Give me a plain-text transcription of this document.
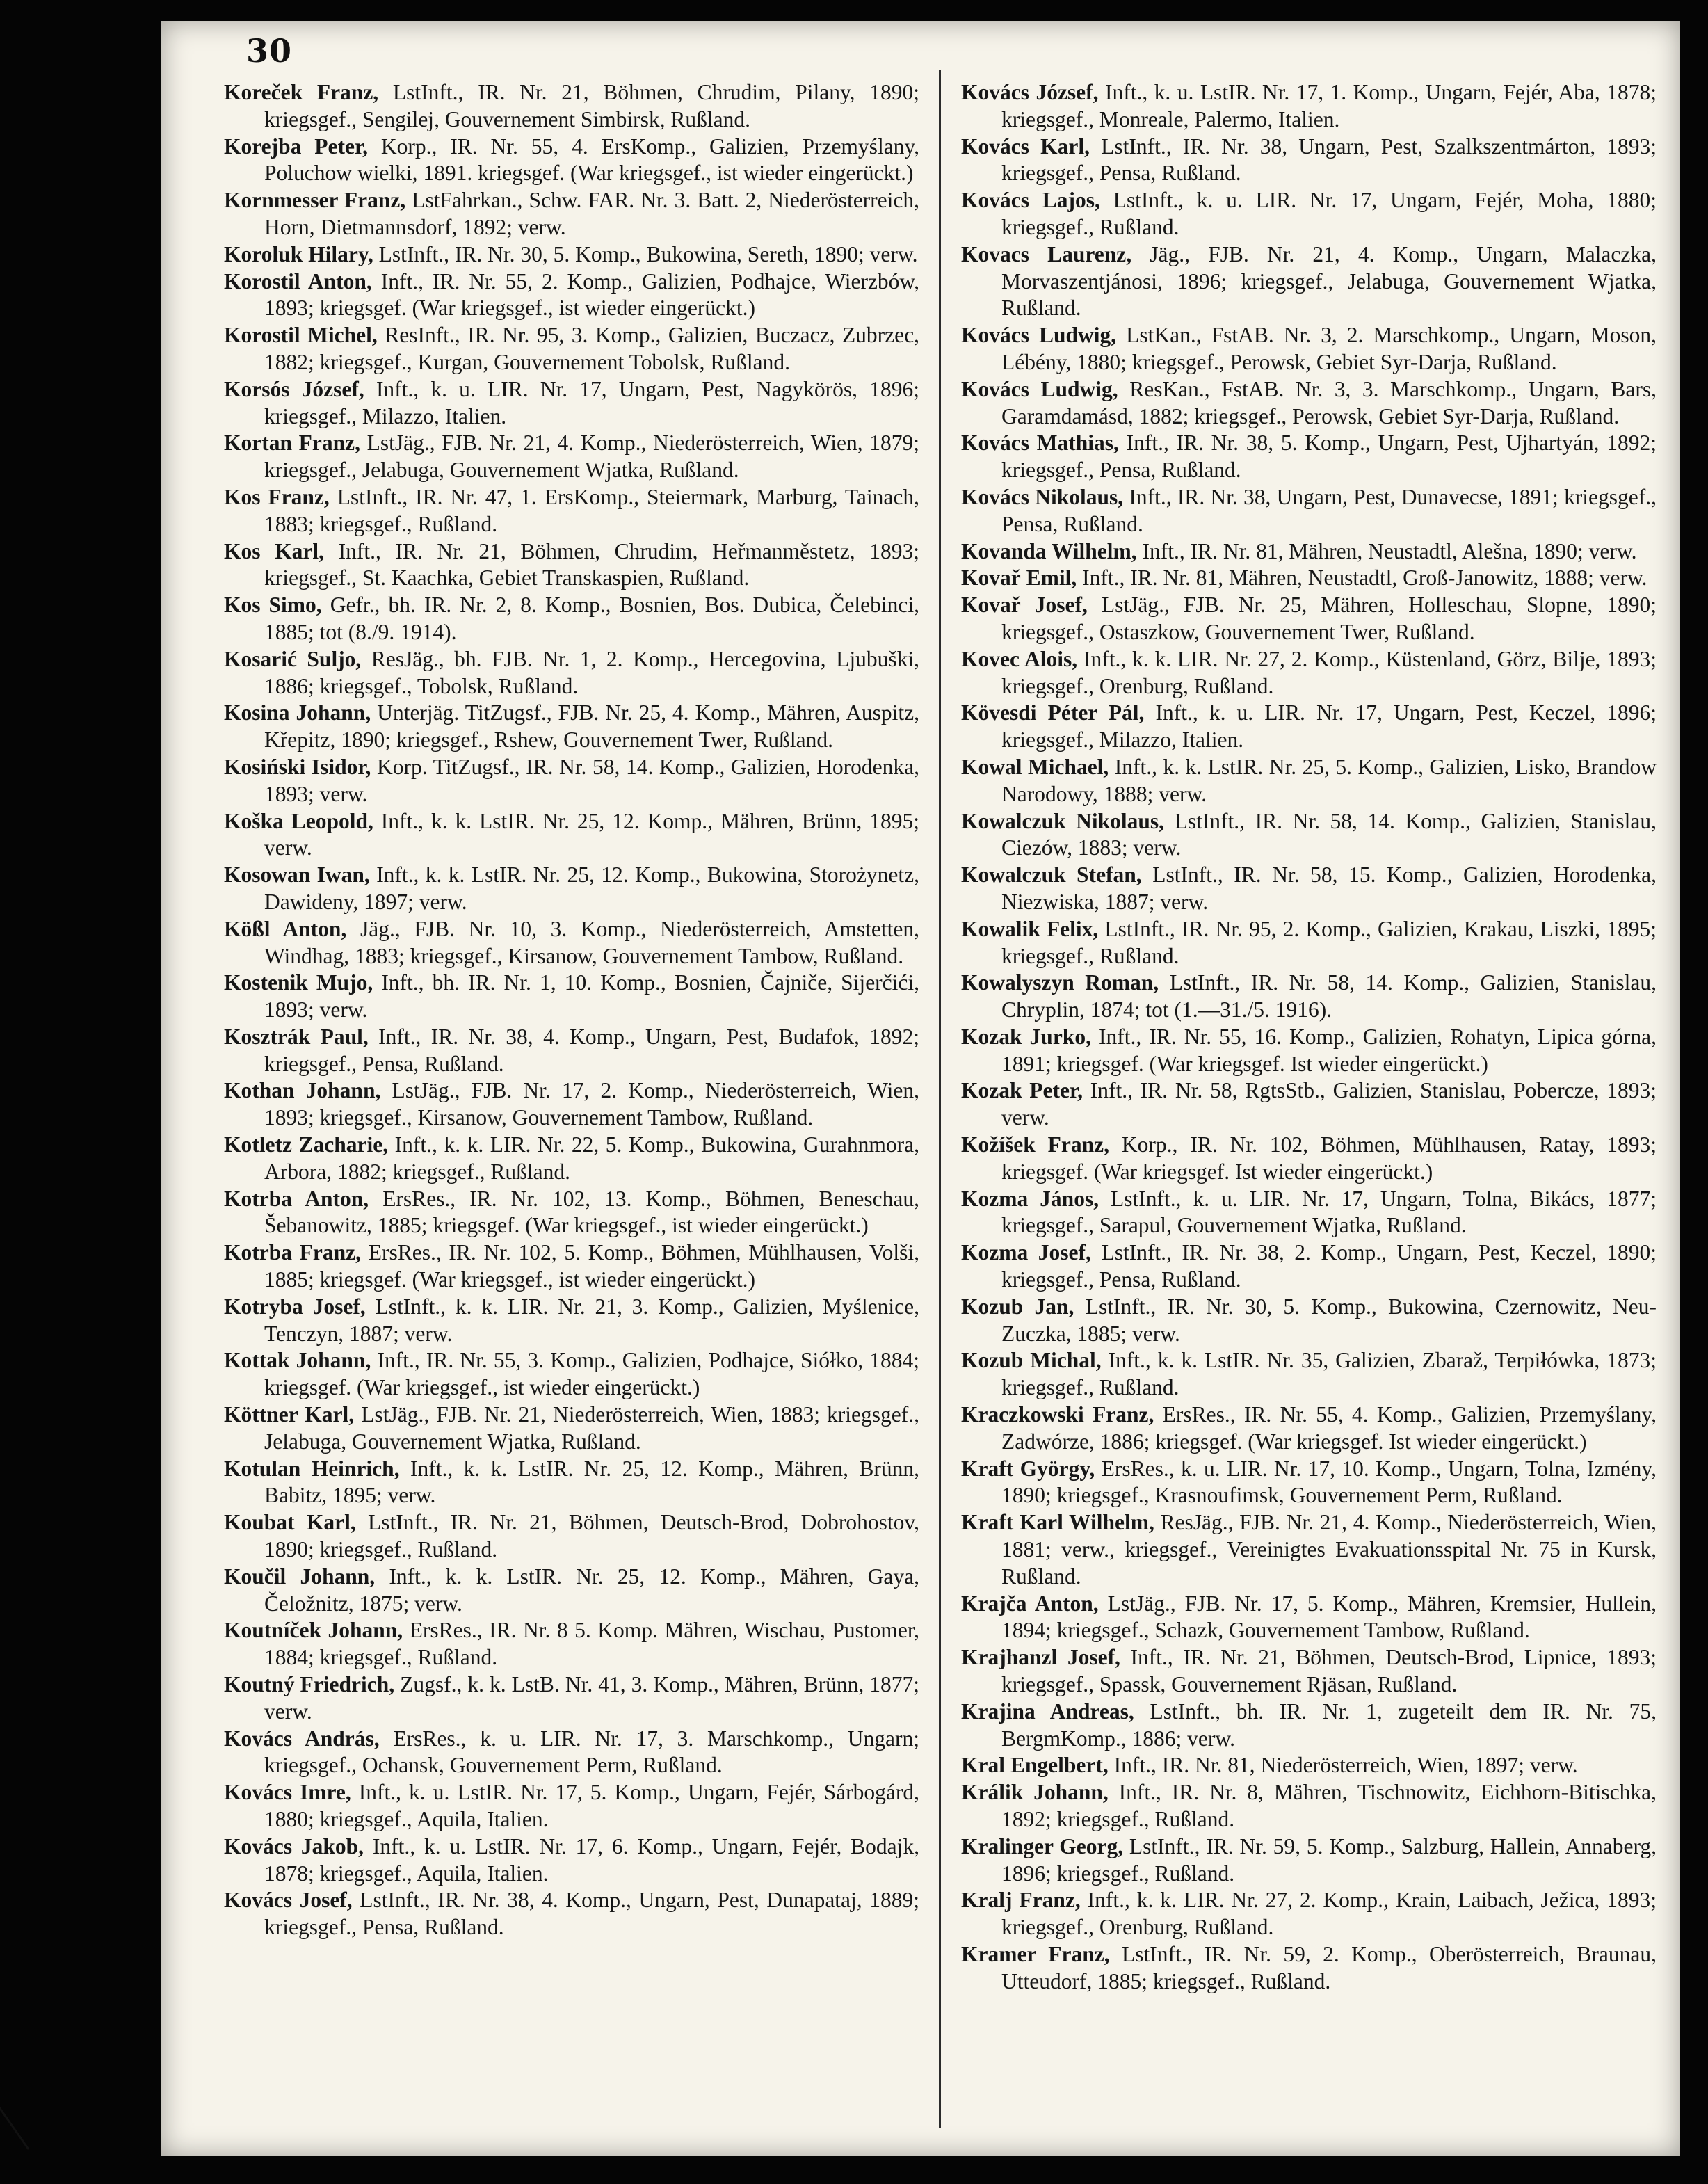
30

Koreček Franz, LstInft., IR. Nr. 21, Böhmen, Chrudim, Pilany, 1890; kriegsgef., Sengilej, Gouvernement Simbirsk, Rußland.

Korejba Peter, Korp., IR. Nr. 55, 4. ErsKomp., Galizien, Przemyślany, Poluchow wielki, 1891. kriegsgef. (War kriegsgef., ist wieder eingerückt.)

Kornmesser Franz, LstFahrkan., Schw. FAR. Nr. 3. Batt. 2, Niederösterreich, Horn, Dietmannsdorf, 1892; verw.

Koroluk Hilary, LstInft., IR. Nr. 30, 5. Komp., Bukowina, Sereth, 1890; verw.

Korostil Anton, Inft., IR. Nr. 55, 2. Komp., Galizien, Podhajce, Wierzbów, 1893; kriegsgef. (War kriegsgef., ist wieder eingerückt.)

Korostil Michel, ResInft., IR. Nr. 95, 3. Komp., Galizien, Buczacz, Zubrzec, 1882; kriegsgef., Kurgan, Gouvernement Tobolsk, Rußland.

Korsós József, Inft., k. u. LIR. Nr. 17, Ungarn, Pest, Nagykörös, 1896; kriegsgef., Milazzo, Italien.

Kortan Franz, LstJäg., FJB. Nr. 21, 4. Komp., Niederösterreich, Wien, 1879; kriegsgef., Jelabuga, Gouvernement Wjatka, Rußland.

Kos Franz, LstInft., IR. Nr. 47, 1. ErsKomp., Steiermark, Marburg, Tainach, 1883; kriegsgef., Rußland.

Kos Karl, Inft., IR. Nr. 21, Böhmen, Chrudim, Heřmanměstetz, 1893; kriegsgef., St. Kaachka, Gebiet Transkaspien, Rußland.

Kos Simo, Gefr., bh. IR. Nr. 2, 8. Komp., Bosnien, Bos. Dubica, Čelebinci, 1885; tot (8./9. 1914).

Kosarić Suljo, ResJäg., bh. FJB. Nr. 1, 2. Komp., Hercegovina, Ljubuški, 1886; kriegsgef., Tobolsk, Rußland.

Kosina Johann, Unterjäg. TitZugsf., FJB. Nr. 25, 4. Komp., Mähren, Auspitz, Křepitz, 1890; kriegsgef., Rshew, Gouvernement Twer, Rußland.

Kosiński Isidor, Korp. TitZugsf., IR. Nr. 58, 14. Komp., Galizien, Horodenka, 1893; verw.

Koška Leopold, Inft., k. k. LstIR. Nr. 25, 12. Komp., Mähren, Brünn, 1895; verw.

Kosowan Iwan, Inft., k. k. LstIR. Nr. 25, 12. Komp., Bukowina, Storożynetz, Dawideny, 1897; verw.

Kößl Anton, Jäg., FJB. Nr. 10, 3. Komp., Niederösterreich, Amstetten, Windhag, 1883; kriegsgef., Kirsanow, Gouvernement Tambow, Rußland.

Kostenik Mujo, Inft., bh. IR. Nr. 1, 10. Komp., Bosnien, Čajniče, Sijerčići, 1893; verw.

Kosztrák Paul, Inft., IR. Nr. 38, 4. Komp., Ungarn, Pest, Budafok, 1892; kriegsgef., Pensa, Rußland.

Kothan Johann, LstJäg., FJB. Nr. 17, 2. Komp., Niederösterreich, Wien, 1893; kriegsgef., Kirsanow, Gouvernement Tambow, Rußland.

Kotletz Zacharie, Inft., k. k. LIR. Nr. 22, 5. Komp., Bukowina, Gurahnmora, Arbora, 1882; kriegsgef., Rußland.

Kotrba Anton, ErsRes., IR. Nr. 102, 13. Komp., Böhmen, Beneschau, Šebanowitz, 1885; kriegsgef. (War kriegsgef., ist wieder eingerückt.)

Kotrba Franz, ErsRes., IR. Nr. 102, 5. Komp., Böhmen, Mühlhausen, Volši, 1885; kriegsgef. (War kriegsgef., ist wieder eingerückt.)

Kotryba Josef, LstInft., k. k. LIR. Nr. 21, 3. Komp., Galizien, Myślenice, Tenczyn, 1887; verw.

Kottak Johann, Inft., IR. Nr. 55, 3. Komp., Galizien, Podhajce, Siółko, 1884; kriegsgef. (War kriegsgef., ist wieder eingerückt.)

Köttner Karl, LstJäg., FJB. Nr. 21, Niederösterreich, Wien, 1883; kriegsgef., Jelabuga, Gouvernement Wjatka, Rußland.

Kotulan Heinrich, Inft., k. k. LstIR. Nr. 25, 12. Komp., Mähren, Brünn, Babitz, 1895; verw.

Koubat Karl, LstInft., IR. Nr. 21, Böhmen, Deutsch-Brod, Dobrohostov, 1890; kriegsgef., Rußland.

Koučil Johann, Inft., k. k. LstIR. Nr. 25, 12. Komp., Mähren, Gaya, Čeložnitz, 1875; verw.

Koutníček Johann, ErsRes., IR. Nr. 8 5. Komp. Mähren, Wischau, Pustomer, 1884; kriegsgef., Rußland.

Koutný Friedrich, Zugsf., k. k. LstB. Nr. 41, 3. Komp., Mähren, Brünn, 1877; verw.

Kovács András, ErsRes., k. u. LIR. Nr. 17, 3. Marschkomp., Ungarn; kriegsgef., Ochansk, Gouvernement Perm, Rußland.

Kovács Imre, Inft., k. u. LstIR. Nr. 17, 5. Komp., Ungarn, Fejér, Sárbogárd, 1880; kriegsgef., Aquila, Italien.

Kovács Jakob, Inft., k. u. LstIR. Nr. 17, 6. Komp., Ungarn, Fejér, Bodajk, 1878; kriegsgef., Aquila, Italien.

Kovács Josef, LstInft., IR. Nr. 38, 4. Komp., Ungarn, Pest, Dunapataj, 1889; kriegsgef., Pensa, Rußland.

Kovács József, Inft., k. u. LstIR. Nr. 17, 1. Komp., Ungarn, Fejér, Aba, 1878; kriegsgef., Monreale, Palermo, Italien.

Kovács Karl, LstInft., IR. Nr. 38, Ungarn, Pest, Szalkszentmárton, 1893; kriegsgef., Pensa, Rußland.

Kovács Lajos, LstInft., k. u. LIR. Nr. 17, Ungarn, Fejér, Moha, 1880; kriegsgef., Rußland.

Kovacs Laurenz, Jäg., FJB. Nr. 21, 4. Komp., Ungarn, Malaczka, Morvaszentjánosi, 1896; kriegsgef., Jelabuga, Gouvernement Wjatka, Rußland.

Kovács Ludwig, LstKan., FstAB. Nr. 3, 2. Marschkomp., Ungarn, Moson, Lébény, 1880; kriegsgef., Perowsk, Gebiet Syr-Darja, Rußland.

Kovács Ludwig, ResKan., FstAB. Nr. 3, 3. Marschkomp., Ungarn, Bars, Garamdamásd, 1882; kriegsgef., Perowsk, Gebiet Syr-Darja, Rußland.

Kovács Mathias, Inft., IR. Nr. 38, 5. Komp., Ungarn, Pest, Ujhartyán, 1892; kriegsgef., Pensa, Rußland.

Kovács Nikolaus, Inft., IR. Nr. 38, Ungarn, Pest, Dunavecse, 1891; kriegsgef., Pensa, Rußland.

Kovanda Wilhelm, Inft., IR. Nr. 81, Mähren, Neustadtl, Alešna, 1890; verw.

Kovař Emil, Inft., IR. Nr. 81, Mähren, Neustadtl, Groß-Janowitz, 1888; verw.

Kovař Josef, LstJäg., FJB. Nr. 25, Mähren, Holleschau, Slopne, 1890; kriegsgef., Ostaszkow, Gouvernement Twer, Rußland.

Kovec Alois, Inft., k. k. LIR. Nr. 27, 2. Komp., Küstenland, Görz, Bilje, 1893; kriegsgef., Orenburg, Rußland.

Kövesdi Péter Pál, Inft., k. u. LIR. Nr. 17, Ungarn, Pest, Keczel, 1896; kriegsgef., Milazzo, Italien.

Kowal Michael, Inft., k. k. LstIR. Nr. 25, 5. Komp., Galizien, Lisko, Brandow Narodowy, 1888; verw.

Kowalczuk Nikolaus, LstInft., IR. Nr. 58, 14. Komp., Galizien, Stanislau, Ciezów, 1883; verw.

Kowalczuk Stefan, LstInft., IR. Nr. 58, 15. Komp., Galizien, Horodenka, Niezwiska, 1887; verw.

Kowalik Felix, LstInft., IR. Nr. 95, 2. Komp., Galizien, Krakau, Liszki, 1895; kriegsgef., Rußland.

Kowalyszyn Roman, LstInft., IR. Nr. 58, 14. Komp., Galizien, Stanislau, Chryplin, 1874; tot (1.—31./5. 1916).

Kozak Jurko, Inft., IR. Nr. 55, 16. Komp., Galizien, Rohatyn, Lipica górna, 1891; kriegsgef. (War kriegsgef. Ist wieder eingerückt.)

Kozak Peter, Inft., IR. Nr. 58, RgtsStb., Galizien, Stanislau, Pobercze, 1893; verw.

Kožíšek Franz, Korp., IR. Nr. 102, Böhmen, Mühlhausen, Ratay, 1893; kriegsgef. (War kriegsgef. Ist wieder eingerückt.)

Kozma János, LstInft., k. u. LIR. Nr. 17, Ungarn, Tolna, Bikács, 1877; kriegsgef., Sarapul, Gouvernement Wjatka, Rußland.

Kozma Josef, LstInft., IR. Nr. 38, 2. Komp., Ungarn, Pest, Keczel, 1890; kriegsgef., Pensa, Rußland.

Kozub Jan, LstInft., IR. Nr. 30, 5. Komp., Bukowina, Czernowitz, Neu-Zuczka, 1885; verw.

Kozub Michal, Inft., k. k. LstIR. Nr. 35, Galizien, Zbaraž, Terpiłówka, 1873; kriegsgef., Rußland.

Kraczkowski Franz, ErsRes., IR. Nr. 55, 4. Komp., Galizien, Przemyślany, Zadwórze, 1886; kriegsgef. (War kriegsgef. Ist wieder eingerückt.)

Kraft György, ErsRes., k. u. LIR. Nr. 17, 10. Komp., Ungarn, Tolna, Izmény, 1890; kriegsgef., Krasnoufimsk, Gouvernement Perm, Rußland.

Kraft Karl Wilhelm, ResJäg., FJB. Nr. 21, 4. Komp., Niederösterreich, Wien, 1881; verw., kriegsgef., Vereinigtes Evakuationsspital Nr. 75 in Kursk, Rußland.

Krajča Anton, LstJäg., FJB. Nr. 17, 5. Komp., Mähren, Kremsier, Hullein, 1894; kriegsgef., Schazk, Gouvernement Tambow, Rußland.

Krajhanzl Josef, Inft., IR. Nr. 21, Böhmen, Deutsch-Brod, Lipnice, 1893; kriegsgef., Spassk, Gouvernement Rjäsan, Rußland.

Krajina Andreas, LstInft., bh. IR. Nr. 1, zugeteilt dem IR. Nr. 75, BergmKomp., 1886; verw.

Kral Engelbert, Inft., IR. Nr. 81, Niederösterreich, Wien, 1897; verw.

Králik Johann, Inft., IR. Nr. 8, Mähren, Tischnowitz, Eichhorn-Bitischka, 1892; kriegsgef., Rußland.

Kralinger Georg, LstInft., IR. Nr. 59, 5. Komp., Salzburg, Hallein, Annaberg, 1896; kriegsgef., Rußland.

Kralj Franz, Inft., k. k. LIR. Nr. 27, 2. Komp., Krain, Laibach, Ježica, 1893; kriegsgef., Orenburg, Rußland.

Kramer Franz, LstInft., IR. Nr. 59, 2. Komp., Oberösterreich, Braunau, Utteudorf, 1885; kriegsgef., Rußland.
